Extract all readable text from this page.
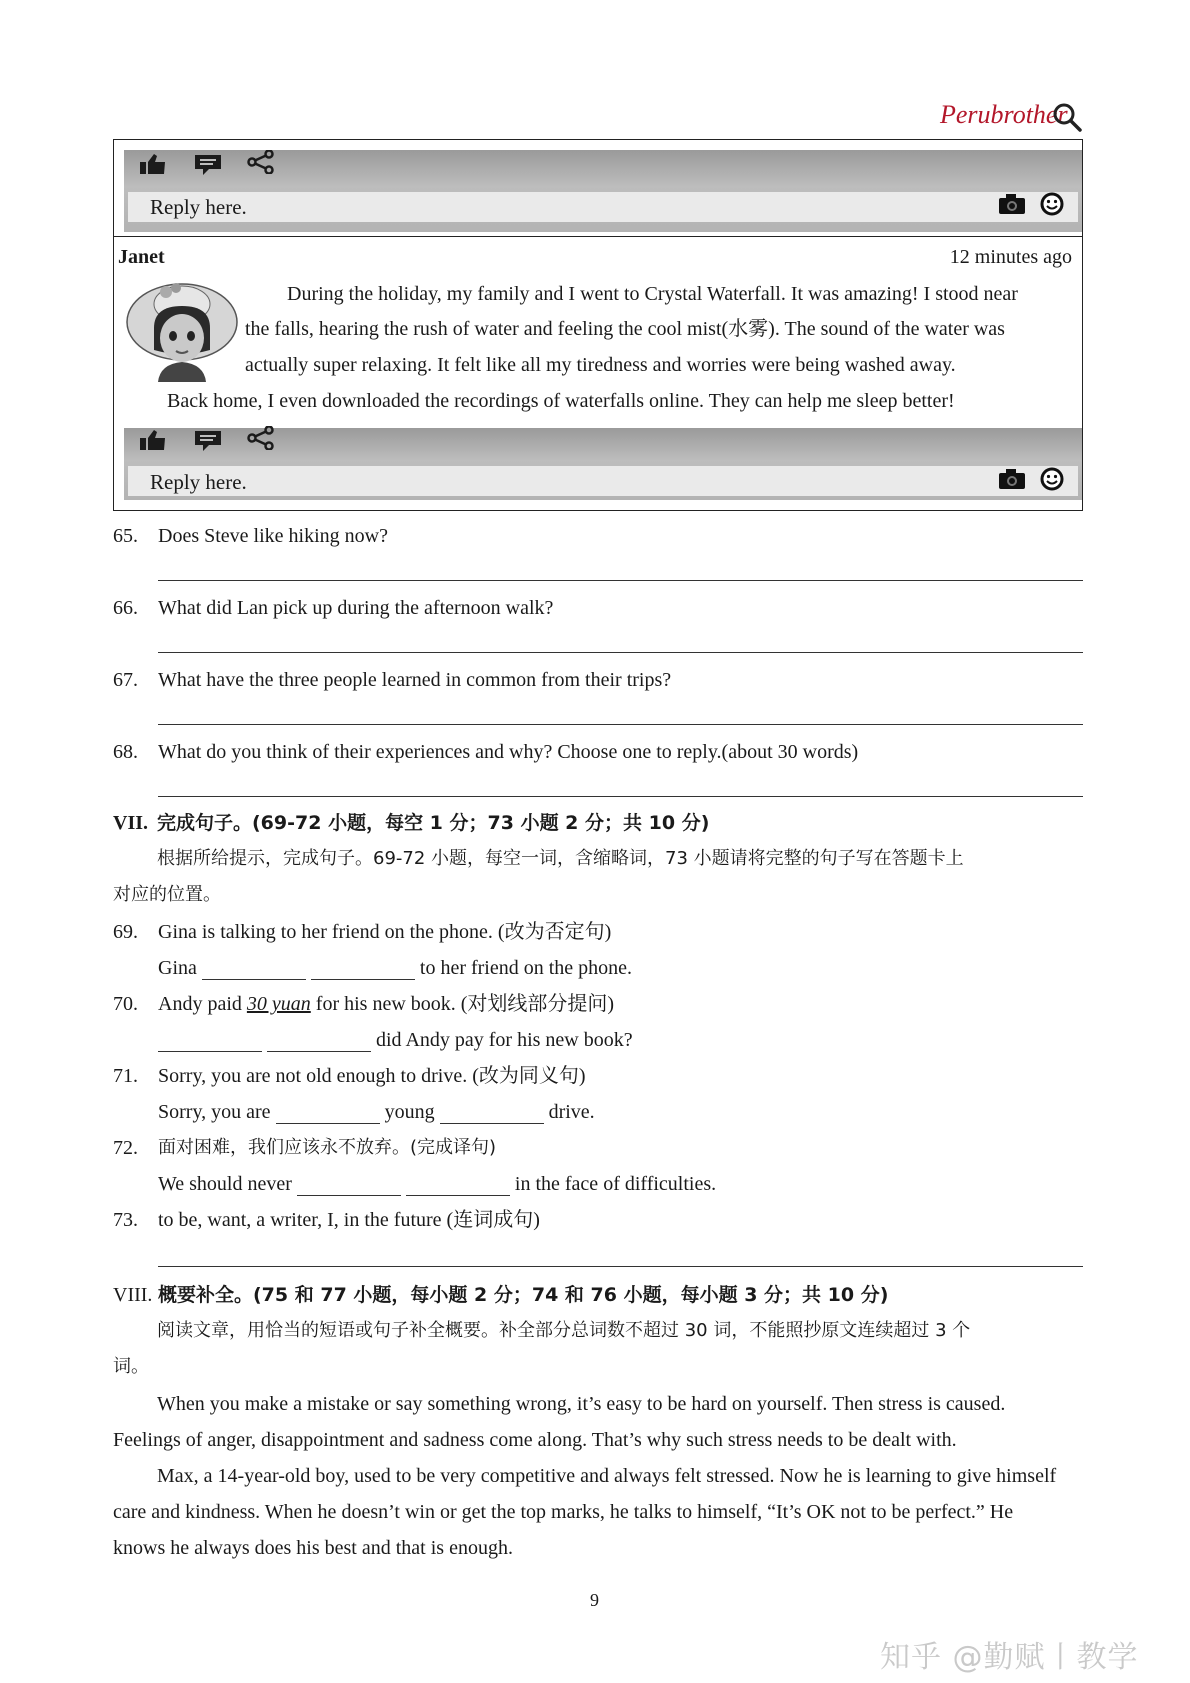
Perubrother
Reply here.
Janet	12 minutes ago
During the holiday, my family and I went to Crystal Waterfall. It was amazing! I stood near
the falls, hearing the rush of water and feeling the cool mist(水雾). The sound of the water was
actually super relaxing. It felt like all my tiredness and worries were being washed away.
Back home, I even downloaded the recordings of waterfalls online. They can help me sleep better!
Reply here.
65. Does Steve like hiking now?
66. What did Lan pick up during the afternoon walk?
67. What have the three people learned in common from their trips?
68. What do you think of their experiences and why? Choose one to reply.(about 30 words)
VII. 完成句子。(69-72 小题，每空 1 分；73 小题 2 分；共 10 分)
根据所给提示，完成句子。69-72 小题，每空一词，含缩略词，73 小题请将完整的句子写在答题卡上
对应的位置。
69. Gina is talking to her friend on the phone. (改为否定句)
Gina	to her friend on the phone.
70. Andy paid 30 yuan for his new book. (对划线部分提问)
did Andy pay for his new book?
71. Sorry, you are not old enough to drive. (改为同义句)
Sorry, you are	young	drive.
72. 面对困难，我们应该永不放弃。(完成译句)
We should never	in the face of difficulties.
73. to be, want, a writer, I, in the future (连词成句)
VIII. 概要补全。(75 和 77 小题，每小题 2 分；74 和 76 小题，每小题 3 分；共 10 分)
阅读文章，用恰当的短语或句子补全概要。补全部分总词数不超过 30 词，不能照抄原文连续超过 3 个
词。
When you make a mistake or say something wrong, it’s easy to be hard on yourself. Then stress is caused.
Feelings of anger, disappointment and sadness come along. That’s why such stress needs to be dealt with.
Max, a 14-year-old boy, used to be very competitive and always felt stressed. Now he is learning to give himself
care and kindness. When he doesn’t win or get the top marks, he talks to himself, “It’s OK not to be perfect.” He
knows he always does his best and that is enough.
9
知乎 @勤赋丨教学
